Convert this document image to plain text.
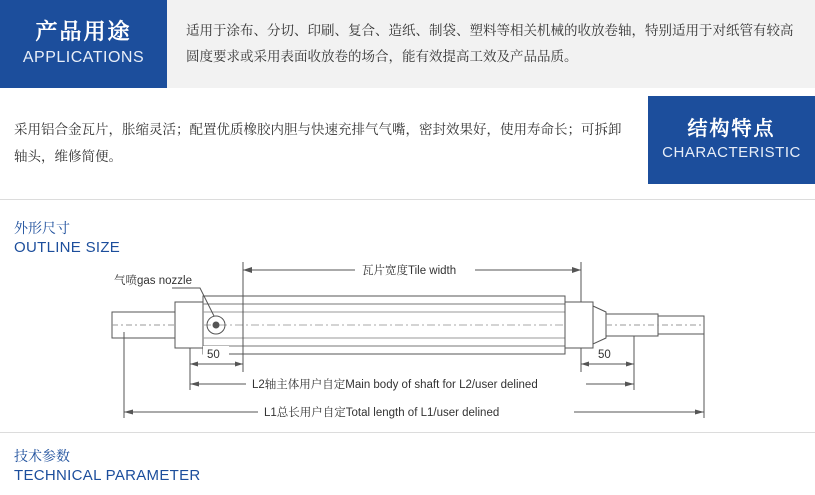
产品用途
APPLICATIONS
适用于涂布、分切、印刷、复合、造纸、制袋、塑料等相关机械的收放卷轴，特别适用于对纸管有较高圆度要求或采用表面收放卷的场合，能有效提高工效及产品品质。
采用铝合金瓦片，胀缩灵活；配置优质橡胶内胆与快速充排气气嘴，密封效果好，使用寿命长；可拆卸轴头，维修简便。
结构特点
CHARACTERISTIC
外形尺寸
OUTLINE SIZE
气喷gas nozzle
瓦片宽度Tile width
50	50
L2轴主体用户自定Main body of shaft for L2/user delined
L1总长用户自定Total length of L1/user delined
技术参数
TECHNICAL PARAMETER
